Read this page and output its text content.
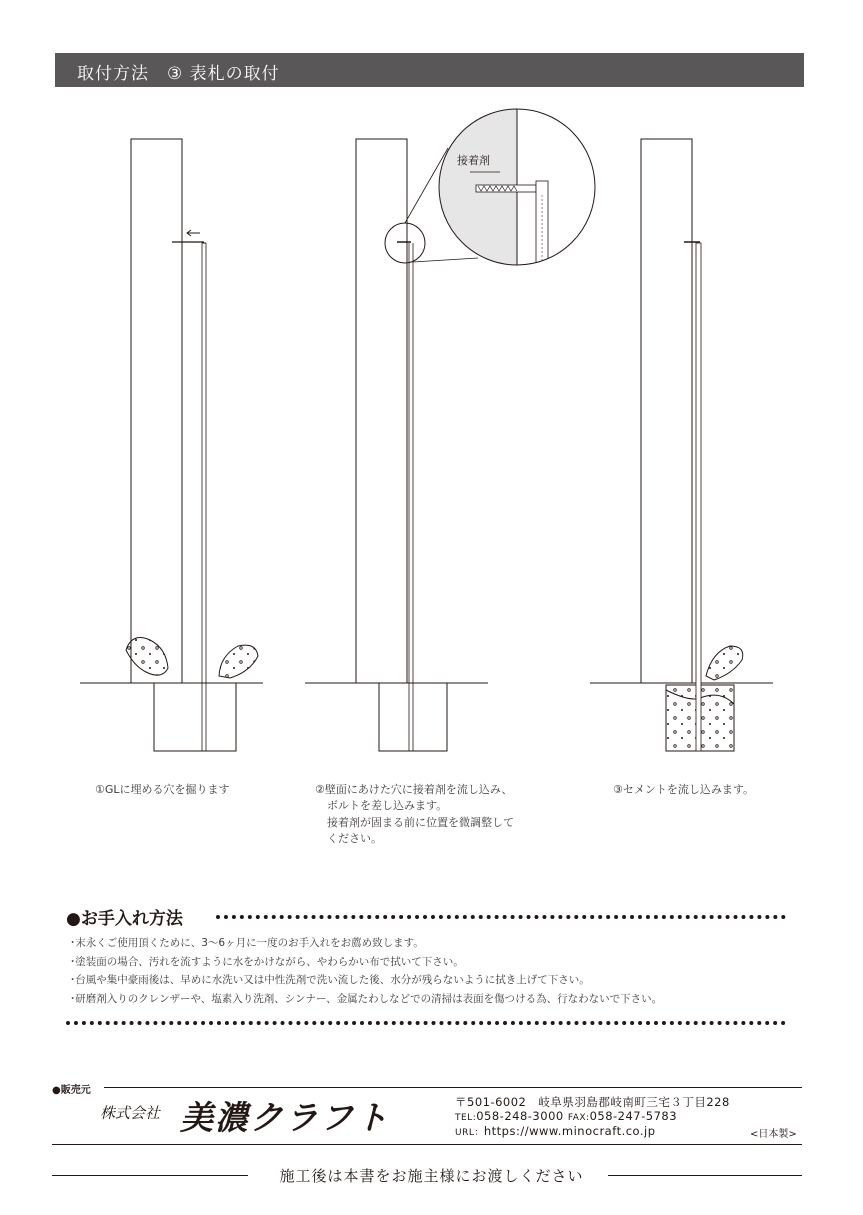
取付方法　③ 表札の取付
接着剤
①GLに埋める穴を掘ります	②壁面にあけた穴に接着剤を流し込み、
ボルトを差し込みます。
接着剤が固まる前に位置を微調整して
ください。
③セメントを流し込みます。
●お手入れ方法
･末永くご使用頂くために、3～6ヶ月に一度のお手入れをお薦め致します。
･塗装面の場合、汚れを流すように水をかけながら、やわらかい布で拭いて下さい。
･台風や集中豪雨後は、早めに水洗い又は中性洗剤で洗い流した後、水分が残らないように拭き上げて下さい。
･研磨剤入りのクレンザーや、塩素入り洗剤、シンナー、金属たわしなどでの清掃は表面を傷つける為、行なわないで下さい。
●販売元
株式会社 美濃クラフト	〒501-6002　岐阜県羽島郡岐南町三宅３丁目228
TEL:058-248-3000 FAX:058-247-5783
URL：https://www.minocraft.co.jp	<日本製>
施工後は本書をお施主様にお渡しください
